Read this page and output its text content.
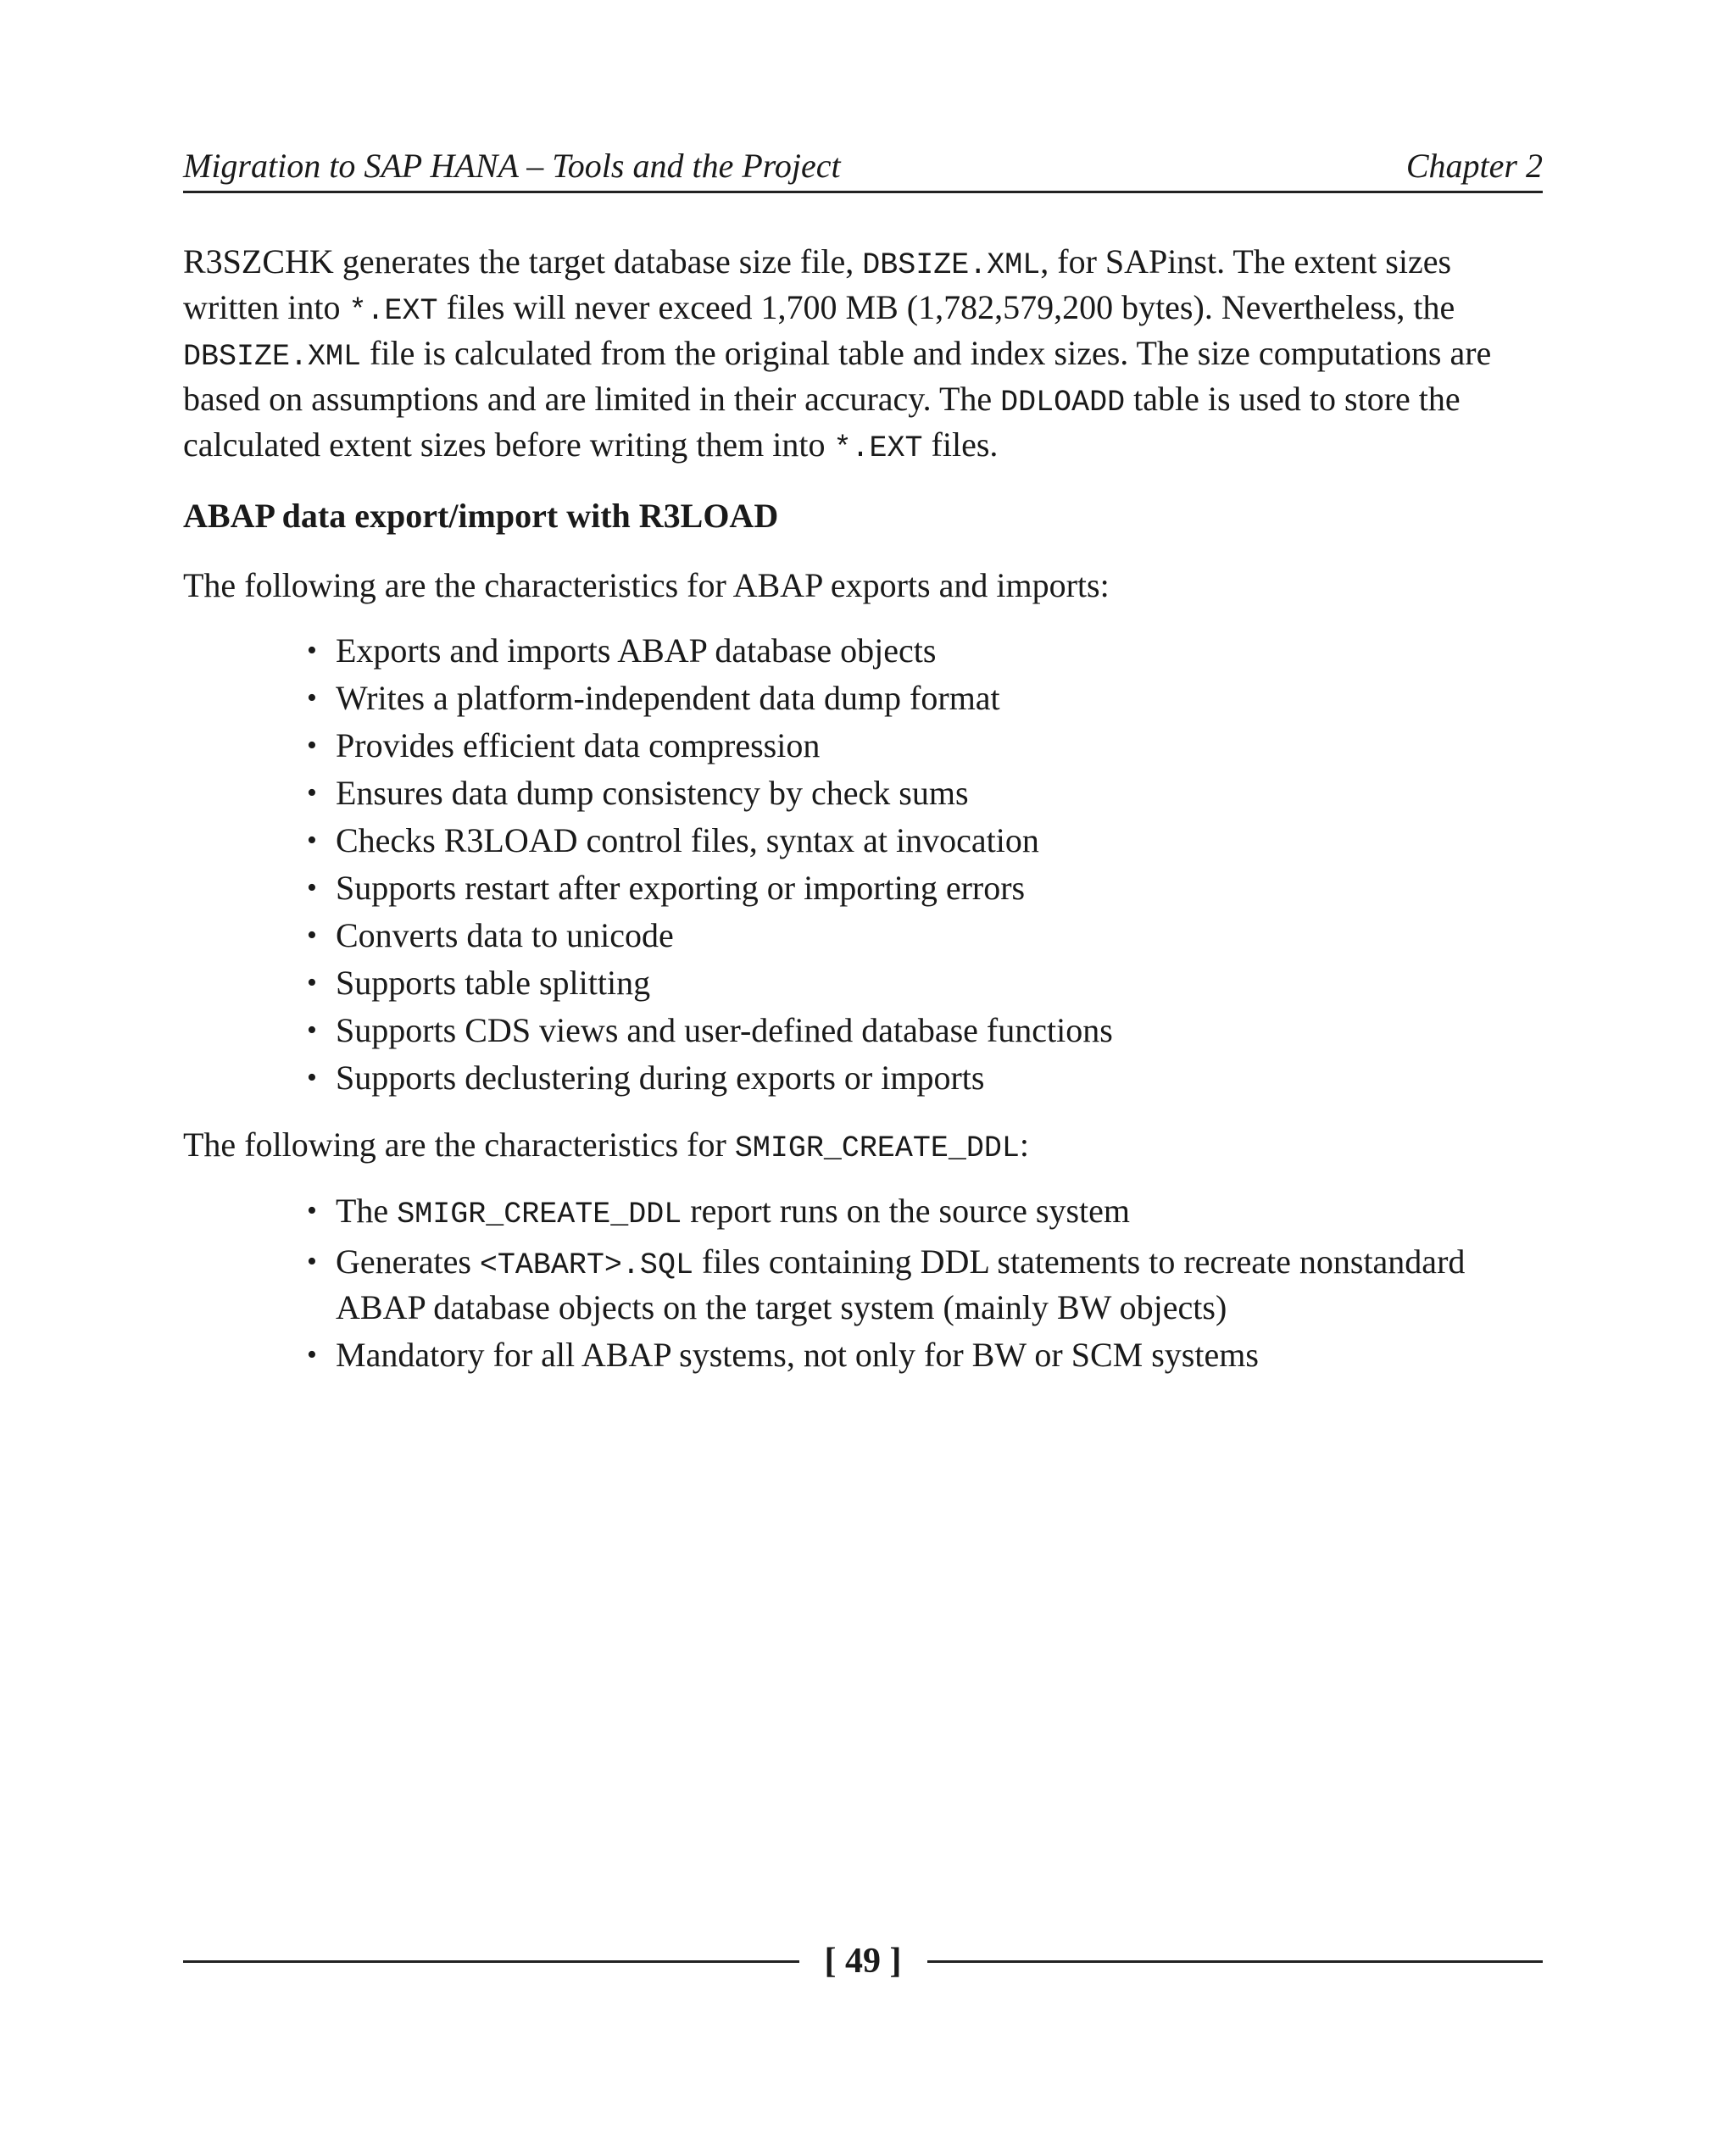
Migration to SAP HANA – Tools and the Project	Chapter 2

R3SZCHK generates the target database size file, DBSIZE.XML, for SAPinst. The extent sizes written into *.EXT files will never exceed 1,700 MB (1,782,579,200 bytes). Nevertheless, the DBSIZE.XML file is calculated from the original table and index sizes. The size computations are based on assumptions and are limited in their accuracy. The DDLOADD table is used to store the calculated extent sizes before writing them into *.EXT files.

ABAP data export/import with R3LOAD

The following are the characteristics for ABAP exports and imports:

• Exports and imports ABAP database objects
• Writes a platform-independent data dump format
• Provides efficient data compression
• Ensures data dump consistency by check sums
• Checks R3LOAD control files, syntax at invocation
• Supports restart after exporting or importing errors
• Converts data to unicode
• Supports table splitting
• Supports CDS views and user-defined database functions
• Supports declustering during exports or imports

The following are the characteristics for SMIGR_CREATE_DDL:

• The SMIGR_CREATE_DDL report runs on the source system
• Generates <TABART>.SQL files containing DDL statements to recreate nonstandard ABAP database objects on the target system (mainly BW objects)
• Mandatory for all ABAP systems, not only for BW or SCM systems
[ 49 ]
